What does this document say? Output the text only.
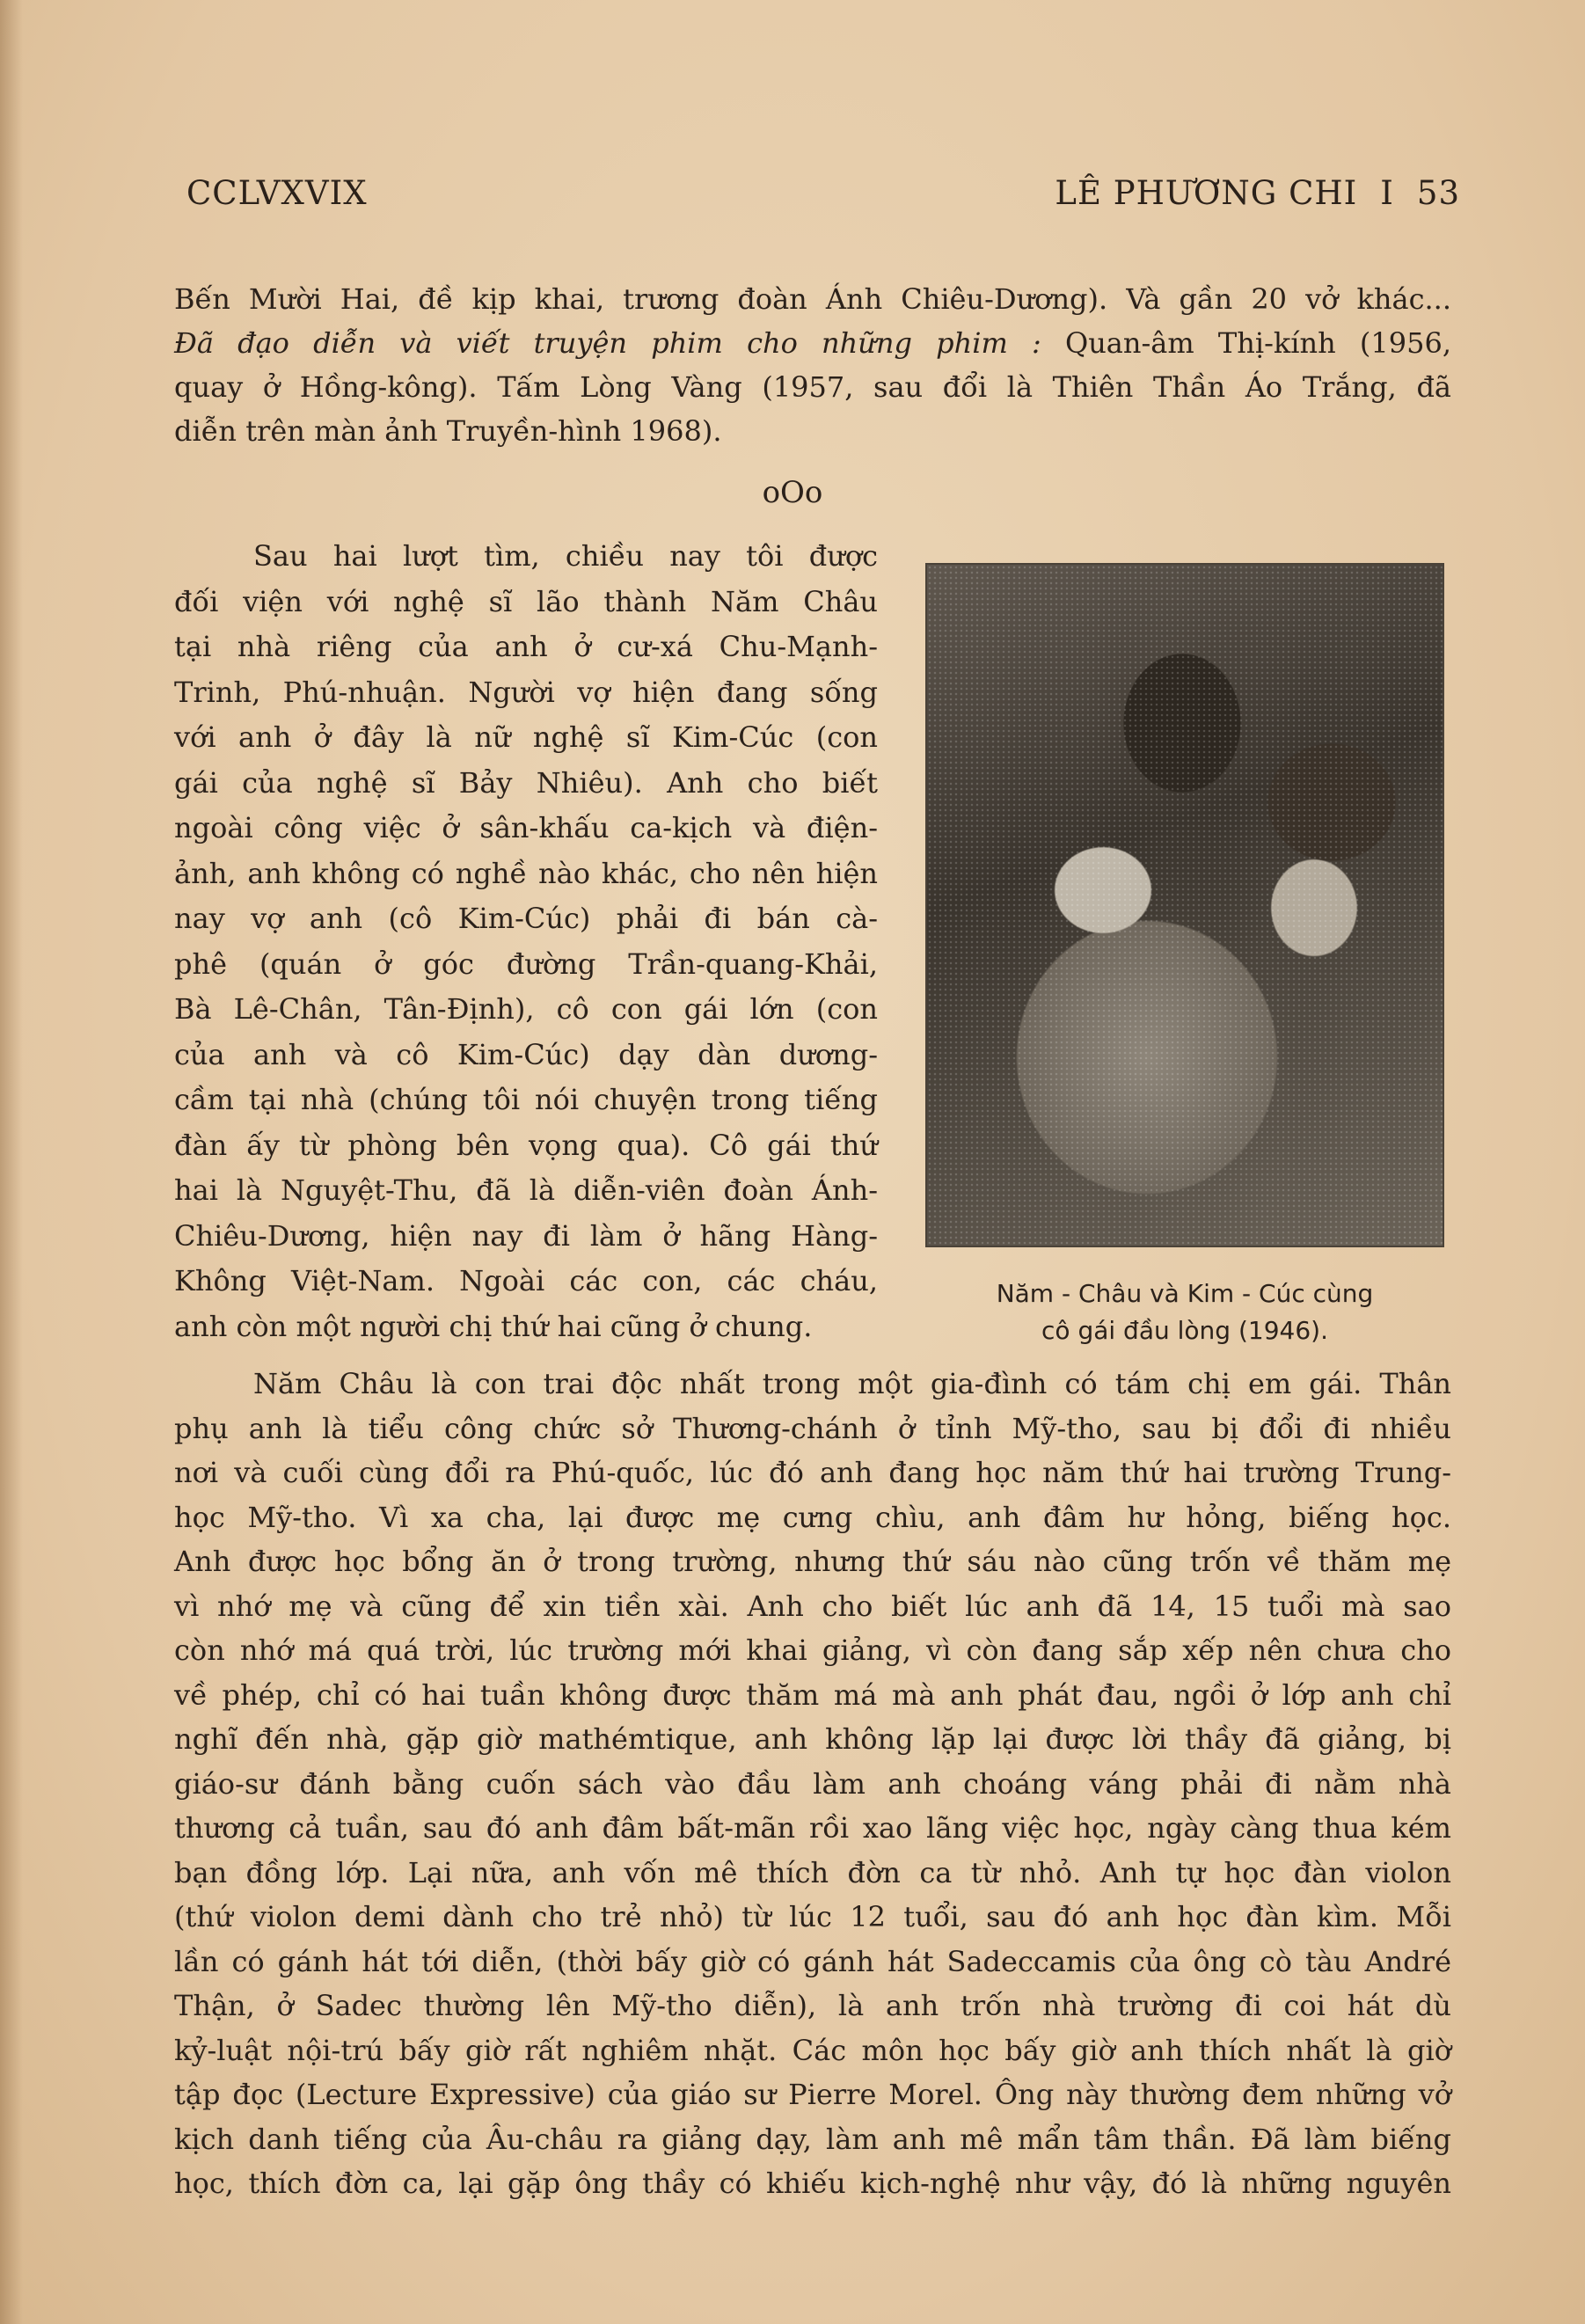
CCLVXVIX	LÊ PHƯƠNG CHI I 53
Bến Mười Hai, đề kịp khai, trương đoàn Ánh Chiêu-Dương). Và gần 20 vở khác...
Đã đạo diễn và viết truyện phim cho những phim : Quan-âm Thị-kính (1956,
quay ở Hồng-kông). Tấm Lòng Vàng (1957, sau đổi là Thiên Thần Áo Trắng, đã
diễn trên màn ảnh Truyền-hình 1968).
oOo
Sau hai lượt tìm, chiều nay tôi được
đối viện với nghệ sĩ lão thành Năm Châu
tại nhà riêng của anh ở cư-xá Chu-Mạnh-
Trinh, Phú-nhuận. Người vợ hiện đang sống
với anh ở đây là nữ nghệ sĩ Kim-Cúc (con
gái của nghệ sĩ Bảy Nhiêu). Anh cho biết
ngoài công việc ở sân-khấu ca-kịch và điện-
ảnh, anh không có nghề nào khác, cho nên hiện
nay vợ anh (cô Kim-Cúc) phải đi bán cà-
phê (quán ở góc đường Trần-quang-Khải,
Bà Lê-Chân, Tân-Định), cô con gái lớn (con
của anh và cô Kim-Cúc) dạy dàn dương-
cầm tại nhà (chúng tôi nói chuyện trong tiếng
đàn ấy từ phòng bên vọng qua). Cô gái thứ
hai là Nguyệt-Thu, đã là diễn-viên đoàn Ánh-
Chiêu-Dương, hiện nay đi làm ở hãng Hàng-
Không Việt-Nam. Ngoài các con, các cháu,
anh còn một người chị thứ hai cũng ở chung.
Năm - Châu và Kim - Cúc cùng
cô gái đầu lòng (1946).
Năm Châu là con trai độc nhất trong một gia-đình có tám chị em gái. Thân
phụ anh là tiểu công chức sở Thương-chánh ở tỉnh Mỹ-tho, sau bị đổi đi nhiều
nơi và cuối cùng đổi ra Phú-quốc, lúc đó anh đang học năm thứ hai trường Trung-
học Mỹ-tho. Vì xa cha, lại được mẹ cưng chìu, anh đâm hư hỏng, biếng học.
Anh được học bổng ăn ở trong trường, nhưng thứ sáu nào cũng trốn về thăm mẹ
vì nhớ mẹ và cũng để xin tiền xài. Anh cho biết lúc anh đã 14, 15 tuổi mà sao
còn nhớ má quá trời, lúc trường mới khai giảng, vì còn đang sắp xếp nên chưa cho
về phép, chỉ có hai tuần không được thăm má mà anh phát đau, ngồi ở lớp anh chỉ
nghĩ đến nhà, gặp giờ mathémtique, anh không lặp lại được lời thầy đã giảng, bị
giáo-sư đánh bằng cuốn sách vào đầu làm anh choáng váng phải đi nằm nhà
thương cả tuần, sau đó anh đâm bất-mãn rồi xao lãng việc học, ngày càng thua kém
bạn đồng lớp. Lại nữa, anh vốn mê thích đờn ca từ nhỏ. Anh tự học đàn violon
(thứ violon demi dành cho trẻ nhỏ) từ lúc 12 tuổi, sau đó anh học đàn kìm. Mỗi
lần có gánh hát tới diễn, (thời bấy giờ có gánh hát Sadeccamis của ông cò tàu André
Thận, ở Sadec thường lên Mỹ-tho diễn), là anh trốn nhà trường đi coi hát dù
kỷ-luật nội-trú bấy giờ rất nghiêm nhặt. Các môn học bấy giờ anh thích nhất là giờ
tập đọc (Lecture Expressive) của giáo sư Pierre Morel. Ông này thường đem những vở
kịch danh tiếng của Âu-châu ra giảng dạy, làm anh mê mẩn tâm thần. Đã làm biếng
học, thích đờn ca, lại gặp ông thầy có khiếu kịch-nghệ như vậy, đó là những nguyên
